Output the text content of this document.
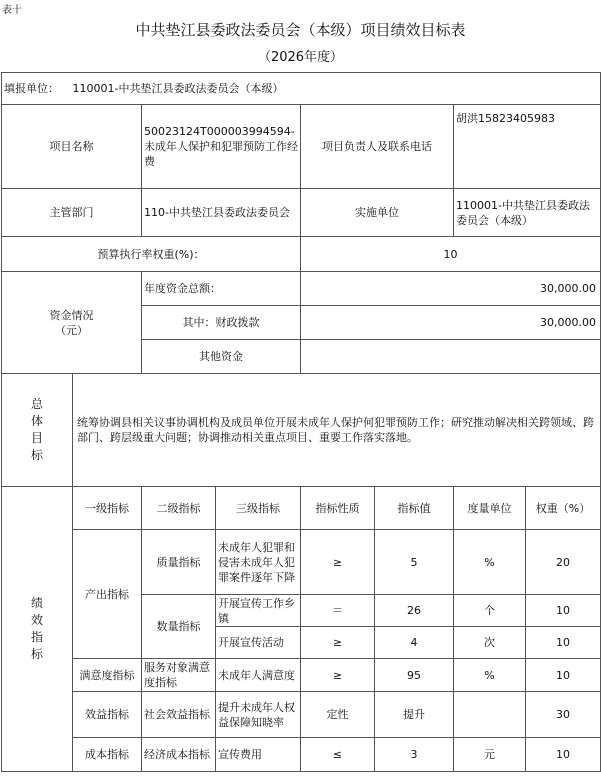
表十
中共垫江县委政法委员会（本级）项目绩效目标表
（2026年度）
填报单位： 110001-中共垫江县委政法委员会（本级）							
项目名称		50023124T000003994594-未成年人保护和犯罪预防工作经费		项目负责人及联系电话		胡洪15823405983	
主管部门		110-中共垫江县委政法委员会		实施单位		110001-中共垫江县委政法委员会（本级）	
预算执行率权重(%)：				10			
资金情况
（元）		年度资金总额：		30,000.00			
		其中：财政拨款		30,000.00			
		其他资金					
总
体
目
标	统筹协调县相关议事协调机构及成员单位开展未成年人保护何犯罪预防工作；研究推动解决相关跨领域、跨部门、跨层级重大问题；协调推动相关重点项目、重要工作落实落地。						
绩
效
指
标	一级指标	二级指标	三级指标	指标性质	指标值	度量单位	权重（%）
	产出指标	质量指标	未成年人犯罪和侵害未成年人犯罪案件逐年下降	≥	5	%	20
		数量指标	开展宣传工作乡镇	＝	26	个	10
			开展宣传活动	≥	4	次	10
	满意度指标	服务对象满意度指标	未成年人满意度	≥	95	%	10
	效益指标	社会效益指标	提升未成年人权益保障知晓率	定性	提升		30
	成本指标	经济成本指标	宣传费用	≤	3	元	10
